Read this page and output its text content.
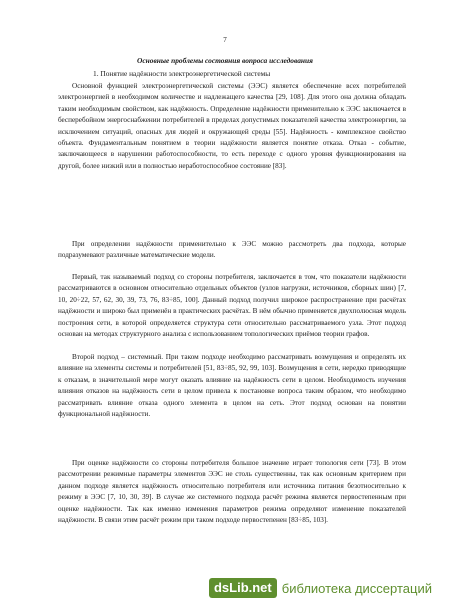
7
Основные проблемы состояния вопроса исследования
1. Понятие надёжности электроэнергетической системы

Основной функцией электроэнергетической системы (ЭЭС) является обеспечение всех потребителей электроэнергией в необходимом количестве и надлежащего качества [29, 108]. Для этого она должна обладать таким необходимым свойством, как надёжность. Определение надёжности применительно к ЭЭС заключается в бесперебойном энергоснабжении потребителей в пределах допустимых показателей качества электроэнергии, за исключением ситуаций, опасных для людей и окружающей среды [55]. Надёжность - комплексное свойство объекта. Фундаментальным понятием в теории надёжности является понятие отказа. Отказ - событие, заключающееся в нарушении работоспособности, то есть переходе с одного уровня функционирования на другой, более низкий или в полностью неработоспособное состояние [83].

При определении надёжности применительно к ЭЭС можно рассмотреть два подхода, которые подразумевают различные математические модели.

Первый, так называемый подход со стороны потребителя, заключается в том, что показатели надёжности рассматриваются в основном относительно отдельных объектов (узлов нагрузки, источников, сборных шин) [7, 10, 20÷22, 57, 62, 30, 39, 73, 76, 83÷85, 100]. Данный подход получил широкое распространение при расчётах надёжности и широко был применён в практических расчётах. В нём обычно применяется двухполюсная модель построения сети, в которой определяется структура сети относительно рассматриваемого узла. Этот подход основан на методах структурного анализа с использованием топологических приёмов теории графов.

Второй подход – системный. При таком подходе необходимо рассматривать возмущения и определять их влияние на элементы системы и потребителей [51, 83÷85, 92, 99, 103]. Возмущения в сети, нередко приводящие к отказам, в значительной мере могут оказать влияние на надёжность сети в целом. Необходимость изучения влияния отказов на надёжность сети в целом привела к постановке вопроса таким образом, что необходимо рассматривать влияние отказа одного элемента в целом на сеть. Этот подход основан на понятии функциональной надёжности.

При оценке надёжности со стороны потребителя большое значение играет топология сети [73]. В этом рассмотрении режимные параметры элементов ЭЭС не столь существенны, так как основным критерием при данном подходе является надёжность относительно потребителя или источника питания безотносительно к режиму в ЭЭС [7, 10, 30, 39]. В случае же системного подхода расчёт режима является первостепенным при оценке надёжности. Так как именно изменения параметров режима определяют изменение показателей надёжности. В связи этим расчёт режим при таком подходе первостепенен [83÷85, 103].

dsLib.net библиотека диссертаций
